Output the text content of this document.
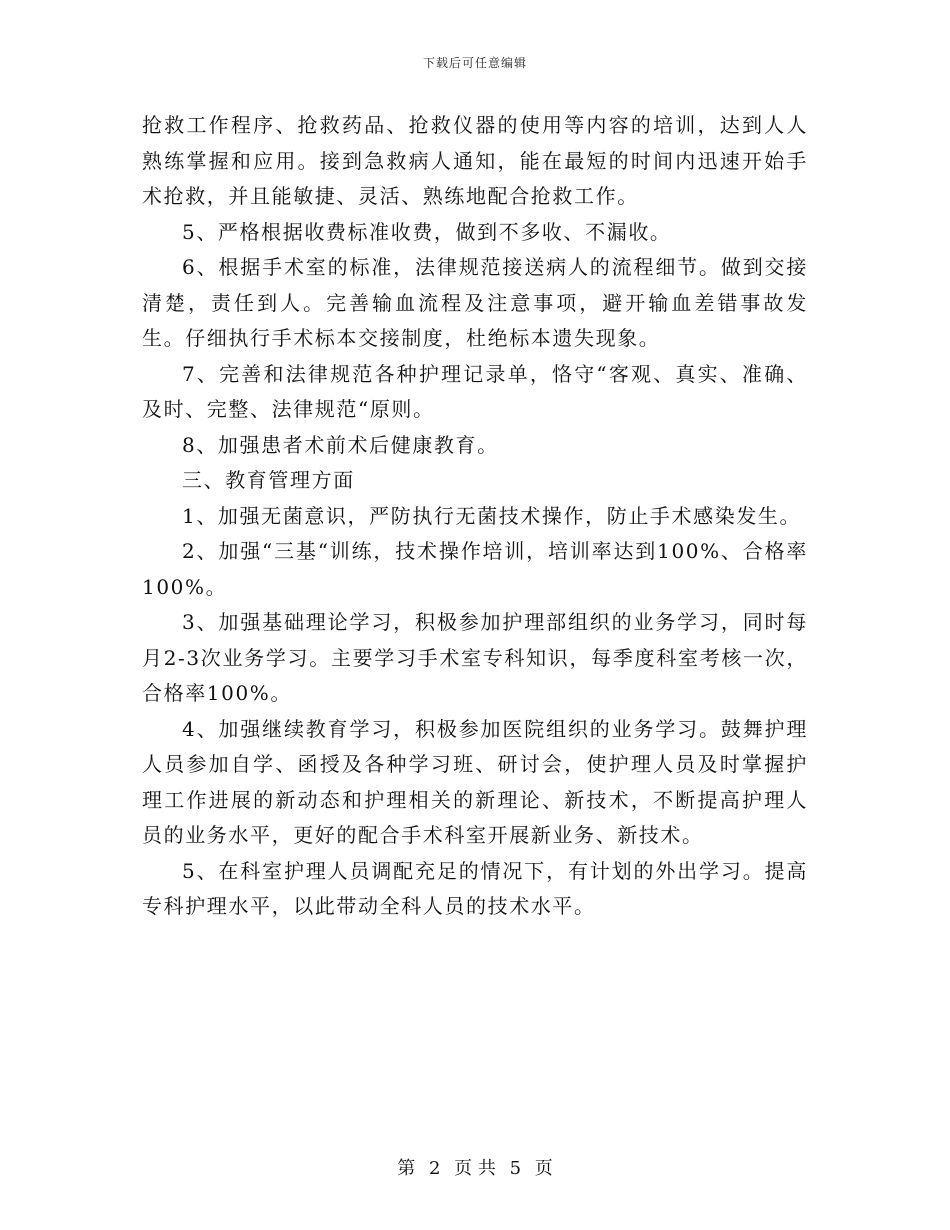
下载后可任意编辑

抢救工作程序、抢救药品、抢救仪器的使用等内容的培训，达到人人熟练掌握和应用。接到急救病人通知，能在最短的时间内迅速开始手术抢救，并且能敏捷、灵活、熟练地配合抢救工作。

5、严格根据收费标准收费，做到不多收、不漏收。

6、根据手术室的标准，法律规范接送病人的流程细节。做到交接清楚，责任到人。完善输血流程及注意事项，避开输血差错事故发生。仔细执行手术标本交接制度，杜绝标本遗失现象。

7、完善和法律规范各种护理记录单，恪守“客观、真实、准确、及时、完整、法律规范“原则。

8、加强患者术前术后健康教育。

三、教育管理方面

1、加强无菌意识，严防执行无菌技术操作，防止手术感染发生。

2、加强“三基“训练，技术操作培训，培训率达到100%、合格率100%。

3、加强基础理论学习，积极参加护理部组织的业务学习，同时每月2-3次业务学习。主要学习手术室专科知识，每季度科室考核一次，合格率100%。

4、加强继续教育学习，积极参加医院组织的业务学习。鼓舞护理人员参加自学、函授及各种学习班、研讨会，使护理人员及时掌握护理工作进展的新动态和护理相关的新理论、新技术，不断提高护理人员的业务水平，更好的配合手术科室开展新业务、新技术。

5、在科室护理人员调配充足的情况下，有计划的外出学习。提高专科护理水平，以此带动全科人员的技术水平。

第 2 页 共 5 页
